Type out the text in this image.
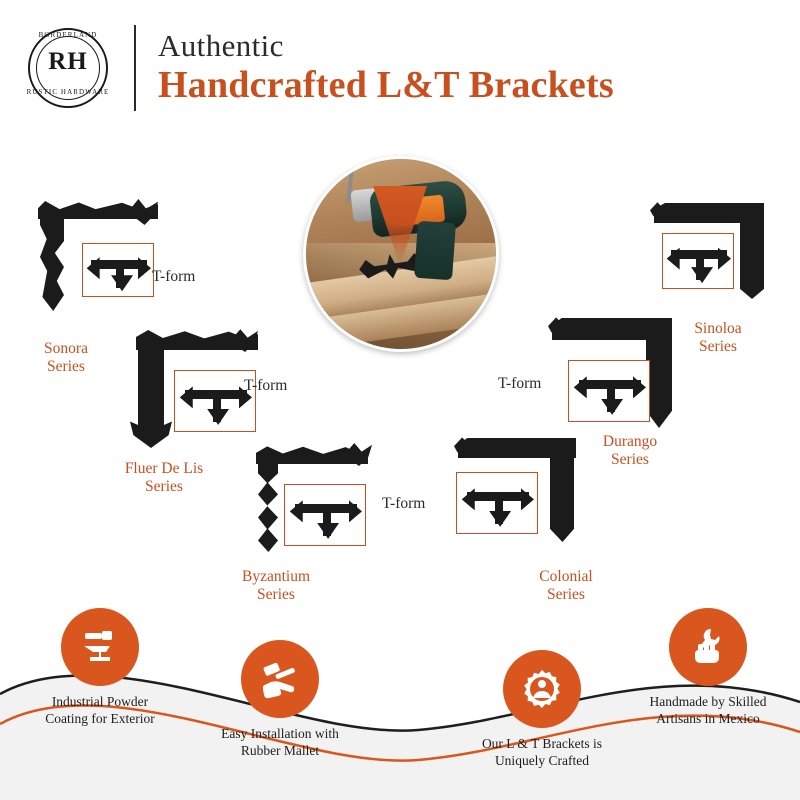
BORDERLAND
RH
RUSTIC HARDWARE
Authentic
Handcrafted L&T Brackets
T-form
Sonora
Series
T-form
Fluer De Lis
Series
T-form
Byzantium
Series
Colonial
Series
T-form
Durango
Series
Sinoloa
Series
Industrial Powder
Coating for Exterior
Easy Installation with
Rubber Mallet	Our L & T Brackets is
Uniquely Crafted
Handmade by Skilled
Artisans in Mexico
